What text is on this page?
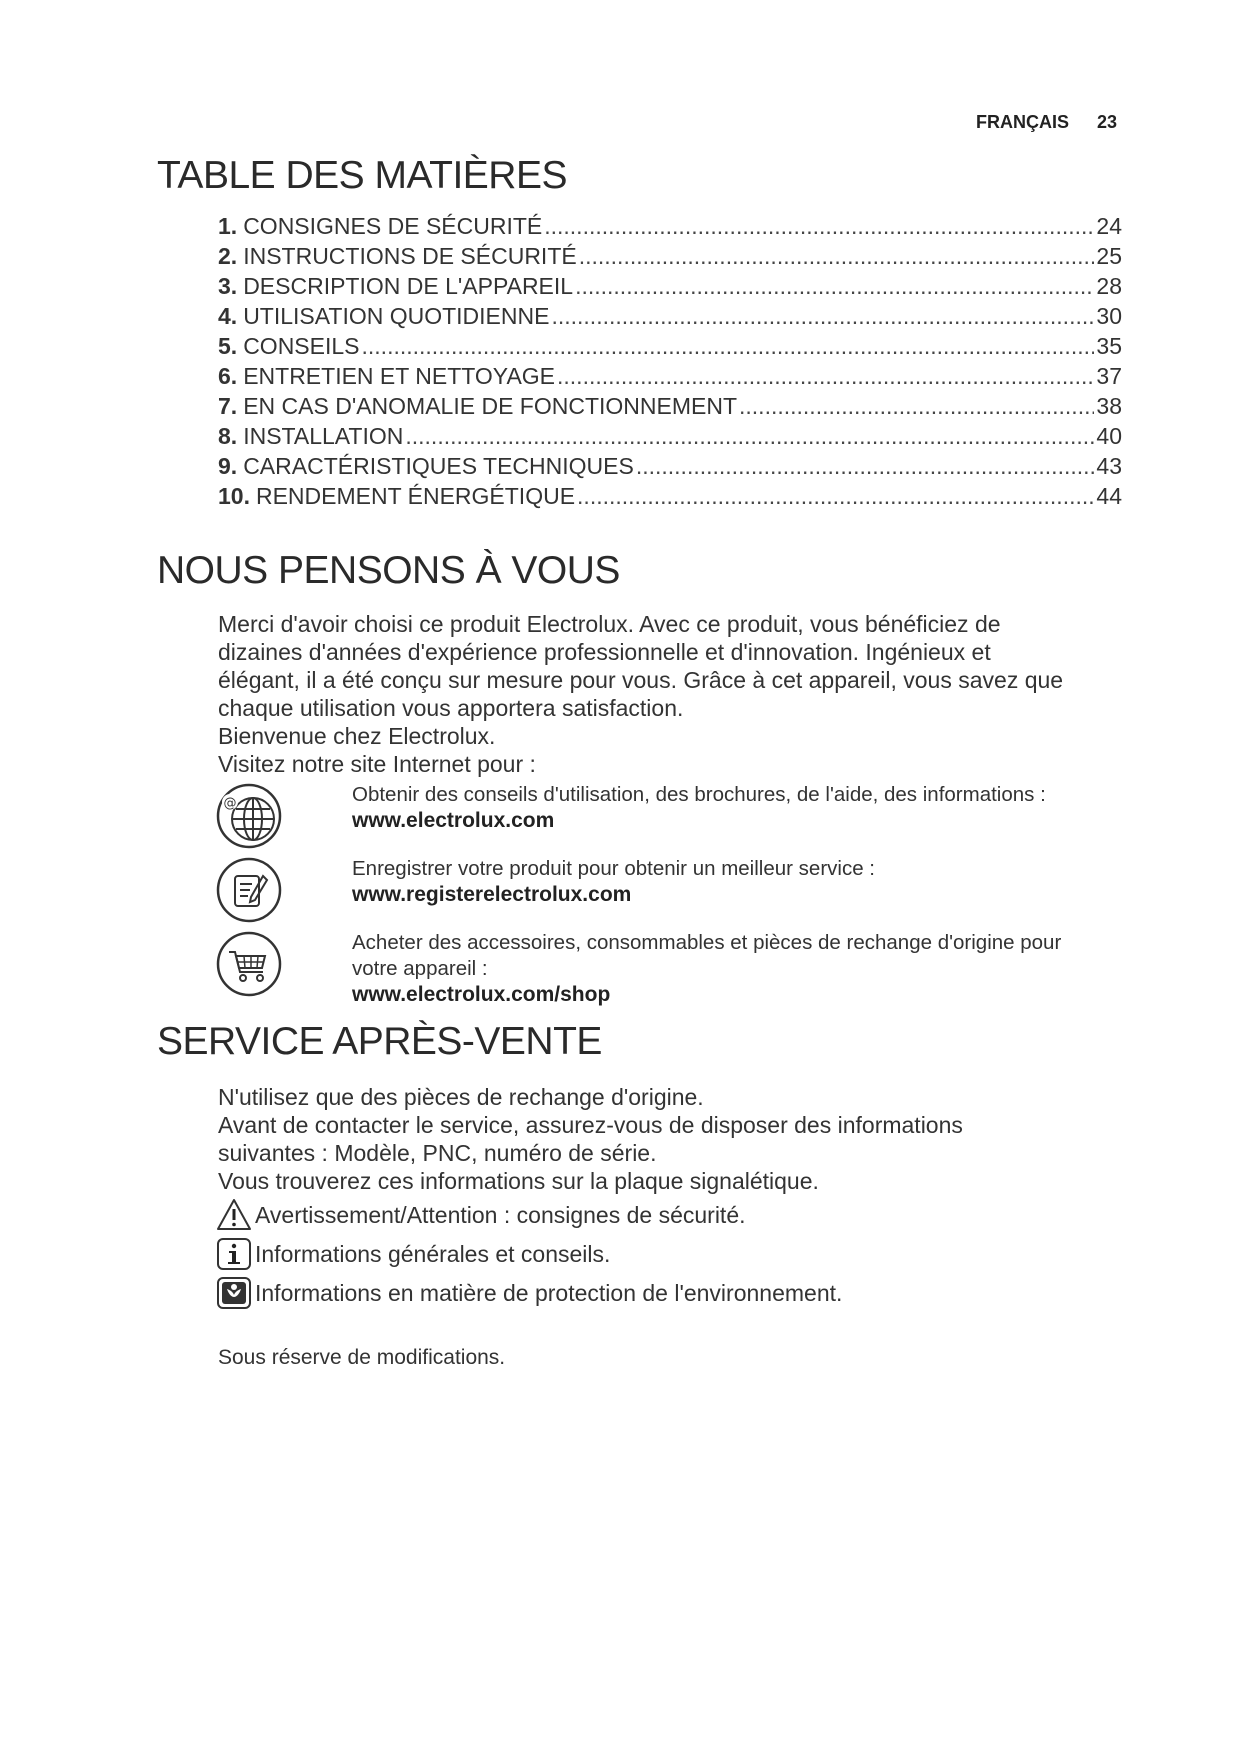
FRANÇAIS 23
TABLE DES MATIÈRES
1. CONSIGNES DE SÉCURITÉ .....	24
2. INSTRUCTIONS DE SÉCURITÉ .....	25
3. DESCRIPTION DE L'APPAREIL .....	28
4. UTILISATION QUOTIDIENNE .....	30
5. CONSEILS .....	35
6. ENTRETIEN ET NETTOYAGE .....	37
7. EN CAS D'ANOMALIE DE FONCTIONNEMENT .....	38
8. INSTALLATION .....	40
9. CARACTÉRISTIQUES TECHNIQUES .....	43
10. RENDEMENT ÉNERGÉTIQUE .....	44
NOUS PENSONS À VOUS
Merci d'avoir choisi ce produit Electrolux. Avec ce produit, vous bénéficiez de
dizaines d'années d'expérience professionnelle et d'innovation. Ingénieux et
élégant, il a été conçu sur mesure pour vous. Grâce à cet appareil, vous savez que
chaque utilisation vous apportera satisfaction.
Bienvenue chez Electrolux.
Visitez notre site Internet pour :
@	Obtenir des conseils d'utilisation, des brochures, de l'aide, des informations :
www.electrolux.com
Enregistrer votre produit pour obtenir un meilleur service :
www.registerelectrolux.com
Acheter des accessoires, consommables et pièces de rechange d'origine pour
votre appareil :
www.electrolux.com/shop
SERVICE APRÈS-VENTE
N'utilisez que des pièces de rechange d'origine.
Avant de contacter le service, assurez-vous de disposer des informations
suivantes : Modèle, PNC, numéro de série.
Vous trouverez ces informations sur la plaque signalétique.
Avertissement/Attention : consignes de sécurité.
Informations générales et conseils.
Informations en matière de protection de l'environnement.
Sous réserve de modifications.
